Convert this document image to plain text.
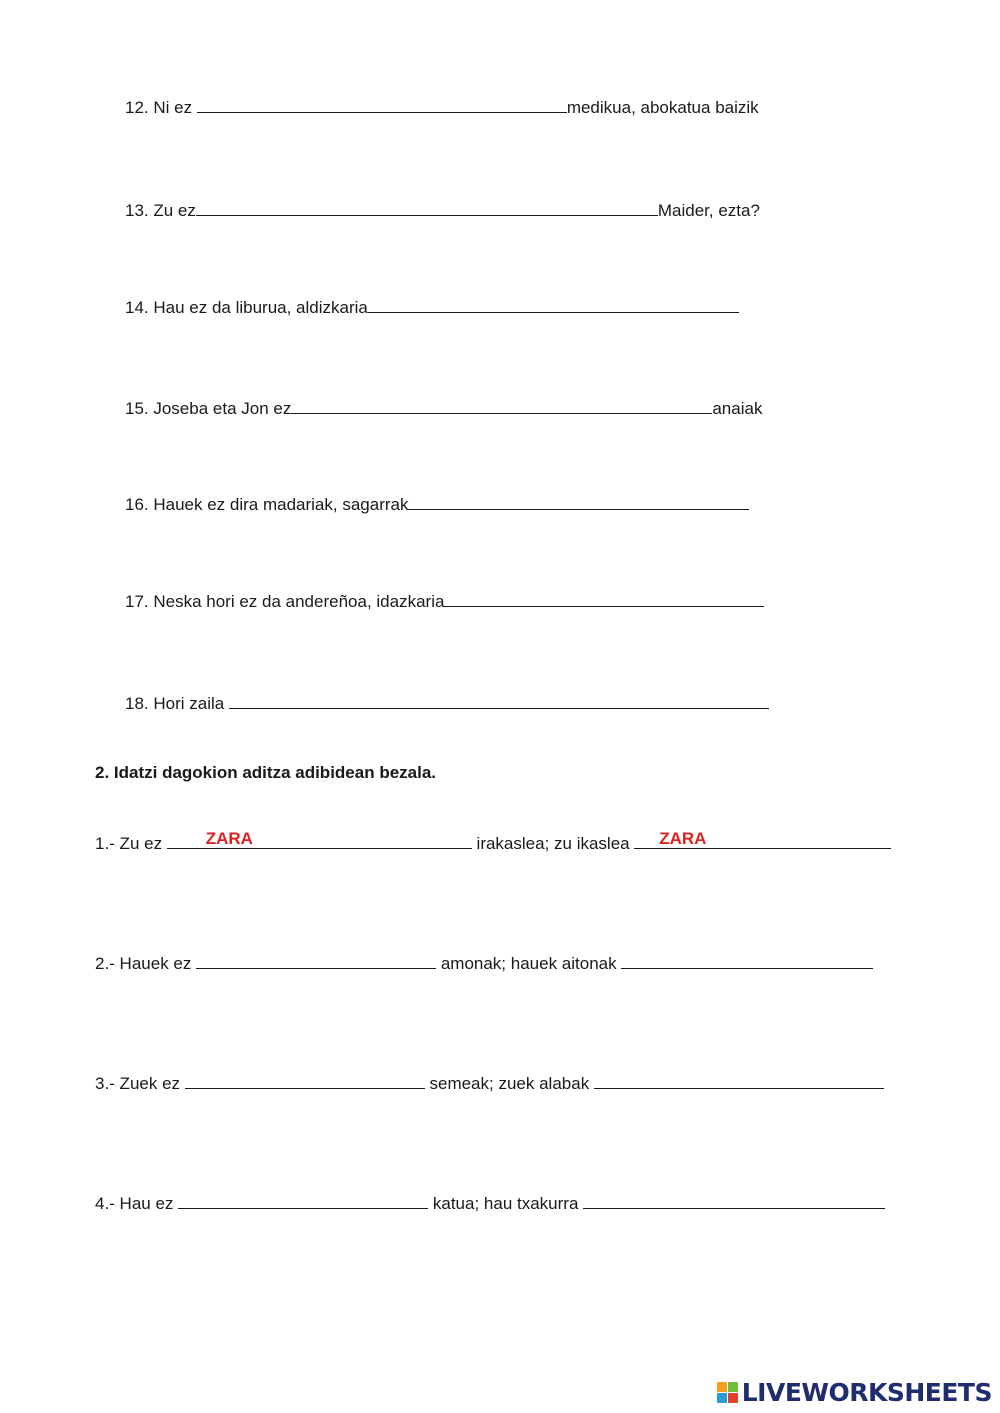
12. Ni ez	medikua, abokatua baizik
13. Zu ez	Maider, ezta?
14. Hau ez da liburua, aldizkaria
15. Joseba eta Jon ez	anaiak
16. Hauek ez dira madariak, sagarrak
17. Neska hori ez da andereñoa, idazkaria
18. Hori zaila
2. Idatzi dagokion aditza adibidean bezala.
1.- Zu ez	ZARA	irakaslea; zu ikaslea	ZARA
2.- Hauek ez	amonak; hauek aitonak
3.- Zuek ez	semeak; zuek alabak
4.- Hau ez	katua; hau txakurra
LIVEWORKSHEETS
